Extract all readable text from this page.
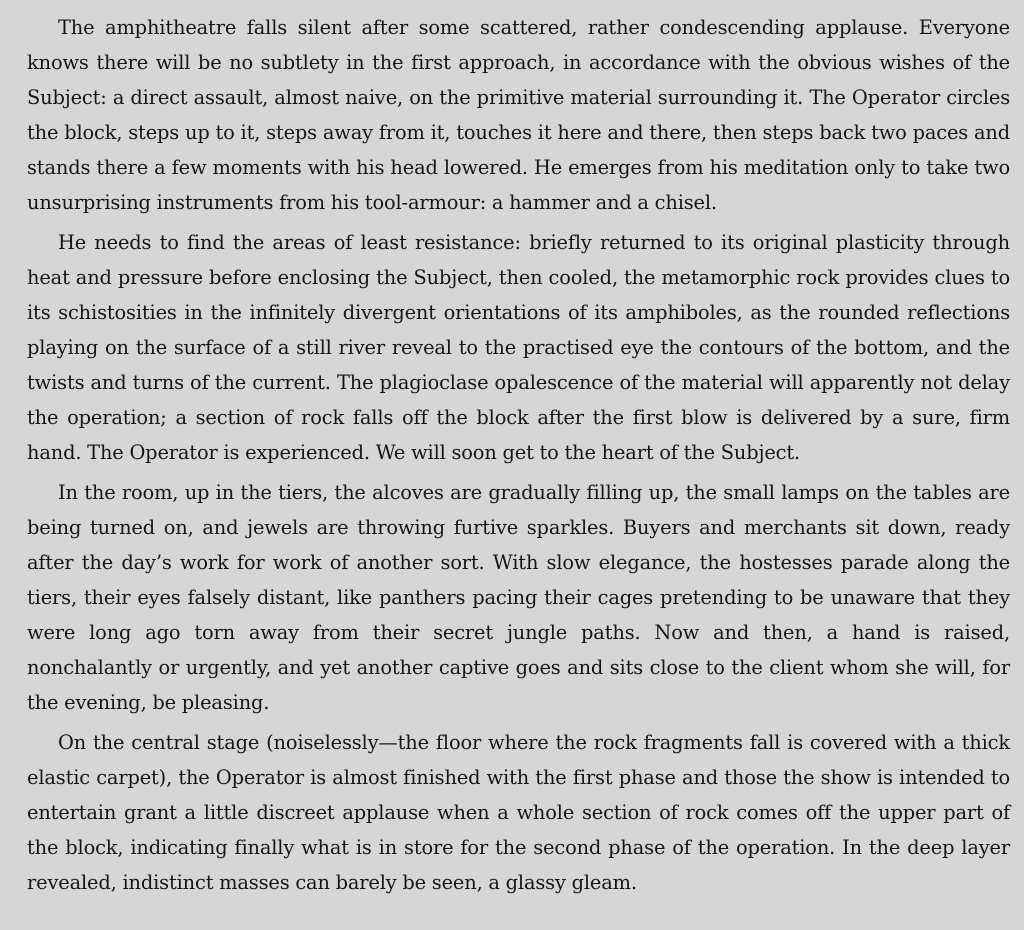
The amphitheatre falls silent after some scattered, rather condescending applause. Everyone knows there will be no subtlety in the first approach, in accordance with the obvious wishes of the Subject: a direct assault, almost naive, on the primitive material surrounding it. The Operator circles the block, steps up to it, steps away from it, touches it here and there, then steps back two paces and stands there a few moments with his head lowered. He emerges from his meditation only to take two unsurprising instruments from his tool-armour: a hammer and a chisel.

He needs to find the areas of least resistance: briefly returned to its original plasticity through heat and pressure before enclosing the Subject, then cooled, the metamorphic rock provides clues to its schistosities in the infinitely divergent orientations of its amphiboles, as the rounded reflections playing on the surface of a still river reveal to the practised eye the contours of the bottom, and the twists and turns of the current. The plagioclase opalescence of the material will apparently not delay the operation; a section of rock falls off the block after the first blow is delivered by a sure, firm hand. The Operator is experienced. We will soon get to the heart of the Subject.

In the room, up in the tiers, the alcoves are gradually filling up, the small lamps on the tables are being turned on, and jewels are throwing furtive sparkles. Buyers and merchants sit down, ready after the day’s work for work of another sort. With slow elegance, the hostesses parade along the tiers, their eyes falsely distant, like panthers pacing their cages pretending to be unaware that they were long ago torn away from their secret jungle paths. Now and then, a hand is raised, nonchalantly or urgently, and yet another captive goes and sits close to the client whom she will, for the evening, be pleasing.

On the central stage (noiselessly—the floor where the rock fragments fall is covered with a thick elastic carpet), the Operator is almost finished with the first phase and those the show is intended to entertain grant a little discreet applause when a whole section of rock comes off the upper part of the block, indicating finally what is in store for the second phase of the operation. In the deep layer revealed, indistinct masses can barely be seen, a glassy gleam.
